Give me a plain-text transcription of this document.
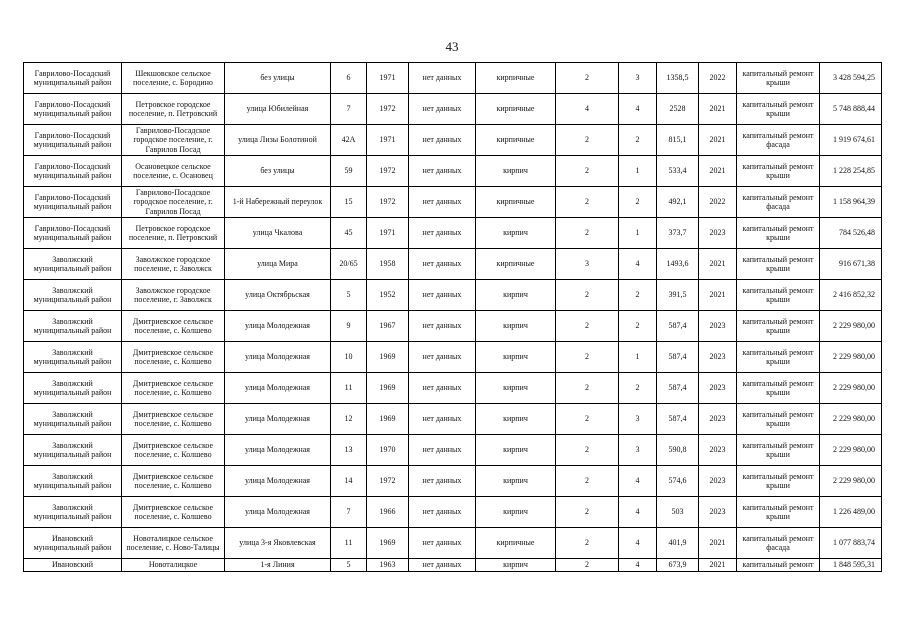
43
Гаврилово-Посадский муниципальный район	Шекшовское сельское поселение, с. Бородино	без улицы	6	1971	нет данных	кирпичные	2	3	1358,5	2022	капитальный ремонт крыши	3 428 594,25
Гаврилово-Посадский муниципальный район	Петровское городское поселение, п. Петровский	улица Юбилейная	7	1972	нет данных	кирпичные	4	4	2528	2021	капитальный ремонт крыши	5 748 888,44
Гаврилово-Посадский муниципальный район	Гаврилово-Посадское городское поселение, г. Гаврилов Посад	улица Лизы Болотиной	42А	1971	нет данных	кирпичные	2	2	815,1	2021	капитальный ремонт фасада	1 919 674,61
Гаврилово-Посадский муниципальный район	Осановецкое сельское поселение, с. Осановец	без улицы	59	1972	нет данных	кирпич	2	1	533,4	2021	капитальный ремонт крыши	1 228 254,85
Гаврилово-Посадский муниципальный район	Гаврилово-Посадское городское поселение, г. Гаврилов Посад	1-й Набережный переулок	15	1972	нет данных	кирпичные	2	2	492,1	2022	капитальный ремонт фасада	1 158 964,39
Гаврилово-Посадский муниципальный район	Петровское городское поселение, п. Петровский	улица Чкалова	45	1971	нет данных	кирпич	2	1	373,7	2023	капитальный ремонт крыши	784 526,48
Заволжский муниципальный район	Заволжское городское поселение, г. Заволжск	улица Мира	20/65	1958	нет данных	кирпичные	3	4	1493,6	2021	капитальный ремонт крыши	916 671,38
Заволжский муниципальный район	Заволжское городское поселение, г. Заволжск	улица Октябрьская	5	1952	нет данных	кирпич	2	2	391,5	2021	капитальный ремонт крыши	2 416 852,32
Заволжский муниципальный район	Дмитриевское сельское поселение, с. Колшево	улица Молодежная	9	1967	нет данных	кирпич	2	2	587,4	2023	капитальный ремонт крыши	2 229 980,00
Заволжский муниципальный район	Дмитриевское сельское поселение, с. Колшево	улица Молодежная	10	1969	нет данных	кирпич	2	1	587,4	2023	капитальный ремонт крыши	2 229 980,00
Заволжский муниципальный район	Дмитриевское сельское поселение, с. Колшево	улица Молодежная	11	1969	нет данных	кирпич	2	2	587,4	2023	капитальный ремонт крыши	2 229 980,00
Заволжский муниципальный район	Дмитриевское сельское поселение, с. Колшево	улица Молодежная	12	1969	нет данных	кирпич	2	3	587,4	2023	капитальный ремонт крыши	2 229 980,00
Заволжский муниципальный район	Дмитриевское сельское поселение, с. Колшево	улица Молодежная	13	1970	нет данных	кирпич	2	3	590,8	2023	капитальный ремонт крыши	2 229 980,00
Заволжский муниципальный район	Дмитриевское сельское поселение, с. Колшево	улица Молодежная	14	1972	нет данных	кирпич	2	4	574,6	2023	капитальный ремонт крыши	2 229 980,00
Заволжский муниципальный район	Дмитриевское сельское поселение, с. Колшево	улица Молодежная	7	1966	нет данных	кирпич	2	4	503	2023	капитальный ремонт крыши	1 226 489,00
Ивановский муниципальный район	Новоталицкое сельское поселение, с. Ново-Талицы	улица 3-я Яковлевская	11	1969	нет данных	кирпичные	2	4	401,9	2021	капитальный ремонт фасада	1 077 883,74
Ивановский	Новоталицкое	1-я Линия	5	1963	нет данных	кирпич	2	4	673,9	2021	капитальный ремонт	1 848 595,31
